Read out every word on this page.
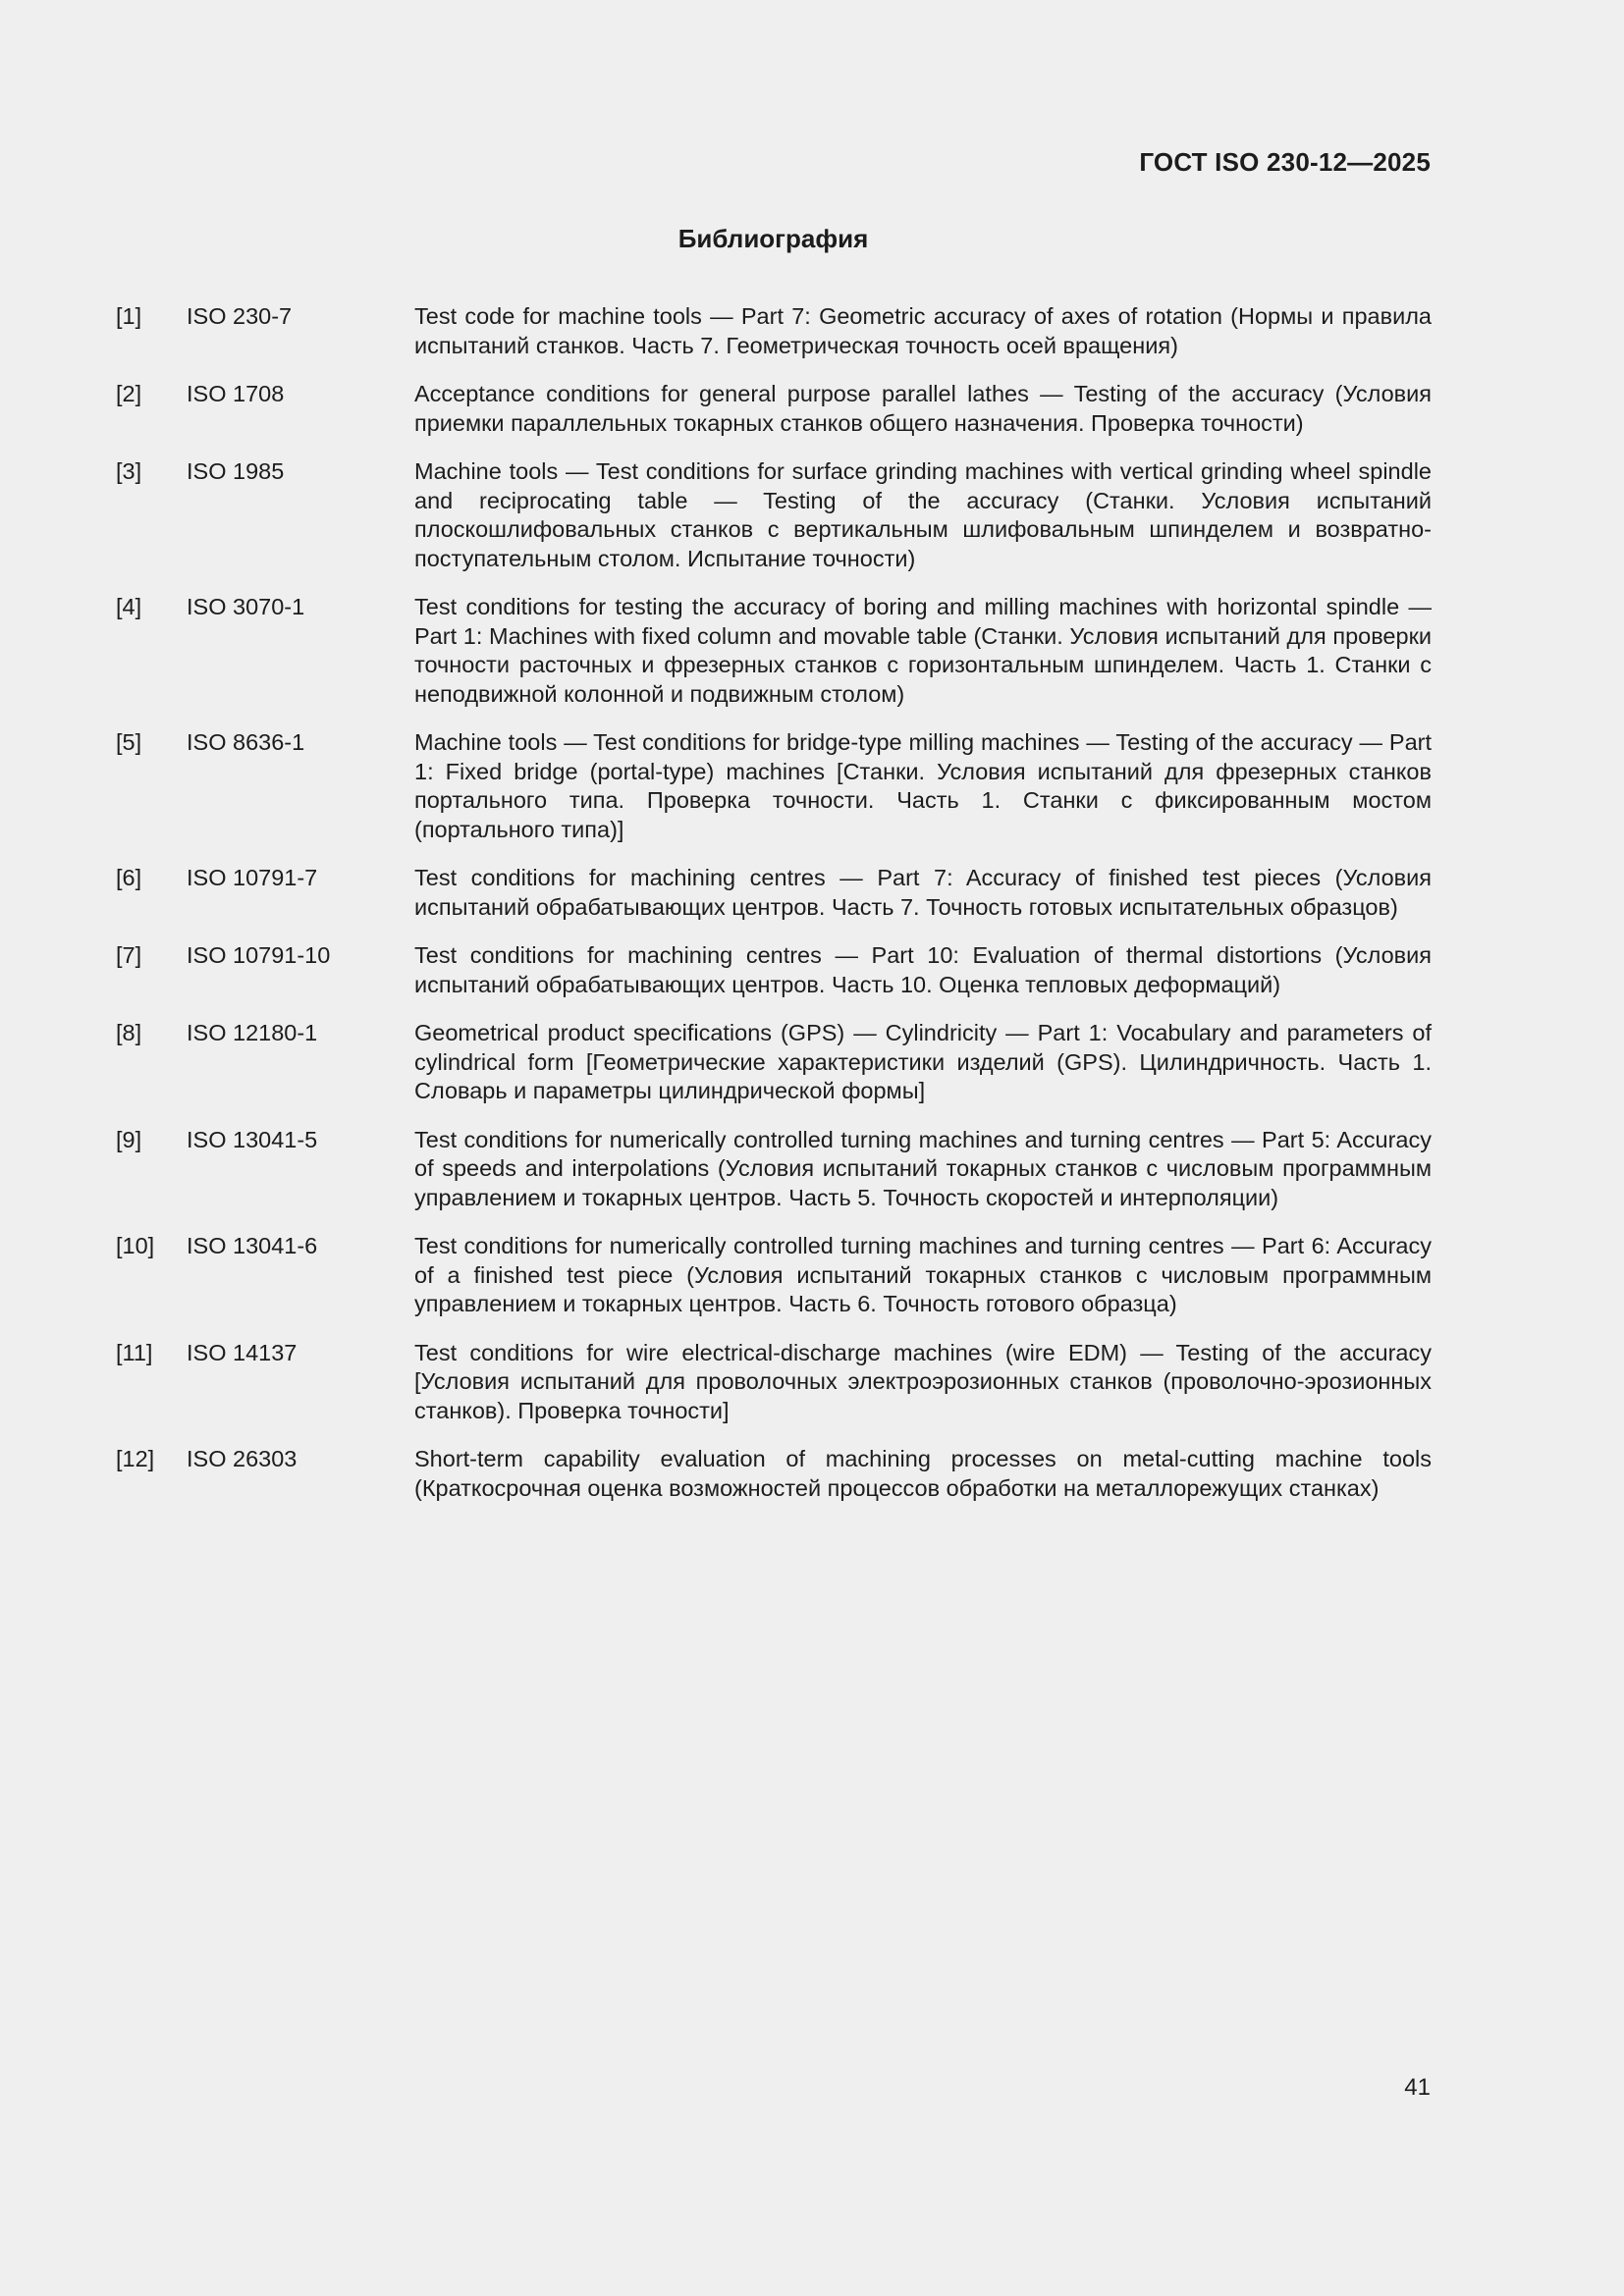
ГОСТ ISO 230-12—2025
Библиография
[1]	ISO 230-7	Test code for machine tools — Part 7: Geometric accuracy of axes of rotation (Нормы и правила испытаний станков. Часть 7. Геометрическая точность осей вращения)
[2]	ISO 1708	Acceptance conditions for general purpose parallel lathes — Testing of the accuracy (Условия приемки параллельных токарных станков общего назначения. Проверка точности)
[3]	ISO 1985	Machine tools — Test conditions for surface grinding machines with vertical grinding wheel spindle and reciprocating table — Testing of the accuracy (Станки. Условия испытаний плоскошлифовальных станков с вертикальным шлифовальным шпинделем и возвратно-поступательным столом. Испытание точности)
[4]	ISO 3070-1	Test conditions for testing the accuracy of boring and milling machines with horizontal spindle — Part 1: Machines with fixed column and movable table (Станки. Условия испытаний для проверки точности расточных и фрезерных станков с горизонтальным шпинделем. Часть 1. Станки с неподвижной колонной и подвижным столом)
[5]	ISO 8636-1	Machine tools — Test conditions for bridge-type milling machines — Testing of the accuracy — Part 1: Fixed bridge (portal-type) machines [Станки. Условия испытаний для фрезерных станков портального типа. Проверка точности. Часть 1. Станки с фиксированным мостом (портального типа)]
[6]	ISO 10791-7	Test conditions for machining centres — Part 7: Accuracy of finished test pieces (Условия испытаний обрабатывающих центров. Часть 7. Точность готовых испытательных образцов)
[7]	ISO 10791-10	Test conditions for machining centres — Part 10: Evaluation of thermal distortions (Условия испытаний обрабатывающих центров. Часть 10. Оценка тепловых деформаций)
[8]	ISO 12180-1	Geometrical product specifications (GPS) — Cylindricity — Part 1: Vocabulary and parameters of cylindrical form [Геометрические характеристики изделий (GPS). Цилиндричность. Часть 1. Словарь и параметры цилиндрической формы]
[9]	ISO 13041-5	Test conditions for numerically controlled turning machines and turning centres — Part 5: Accuracy of speeds and interpolations (Условия испытаний токарных станков с числовым программным управлением и токарных центров. Часть 5. Точность скоростей и интерполяции)
[10]	ISO 13041-6	Test conditions for numerically controlled turning machines and turning centres — Part 6: Accuracy of a finished test piece (Условия испытаний токарных станков с числовым программным управлением и токарных центров. Часть 6. Точность готового образца)
[11]	ISO 14137	Test conditions for wire electrical-discharge machines (wire EDM) — Testing of the accuracy [Условия испытаний для проволочных электроэрозионных станков (проволочно-эрозионных станков). Проверка точности]
[12]	ISO 26303	Short-term capability evaluation of machining processes on metal-cutting machine tools (Краткосрочная оценка возможностей процессов обработки на металлорежущих станках)
41
